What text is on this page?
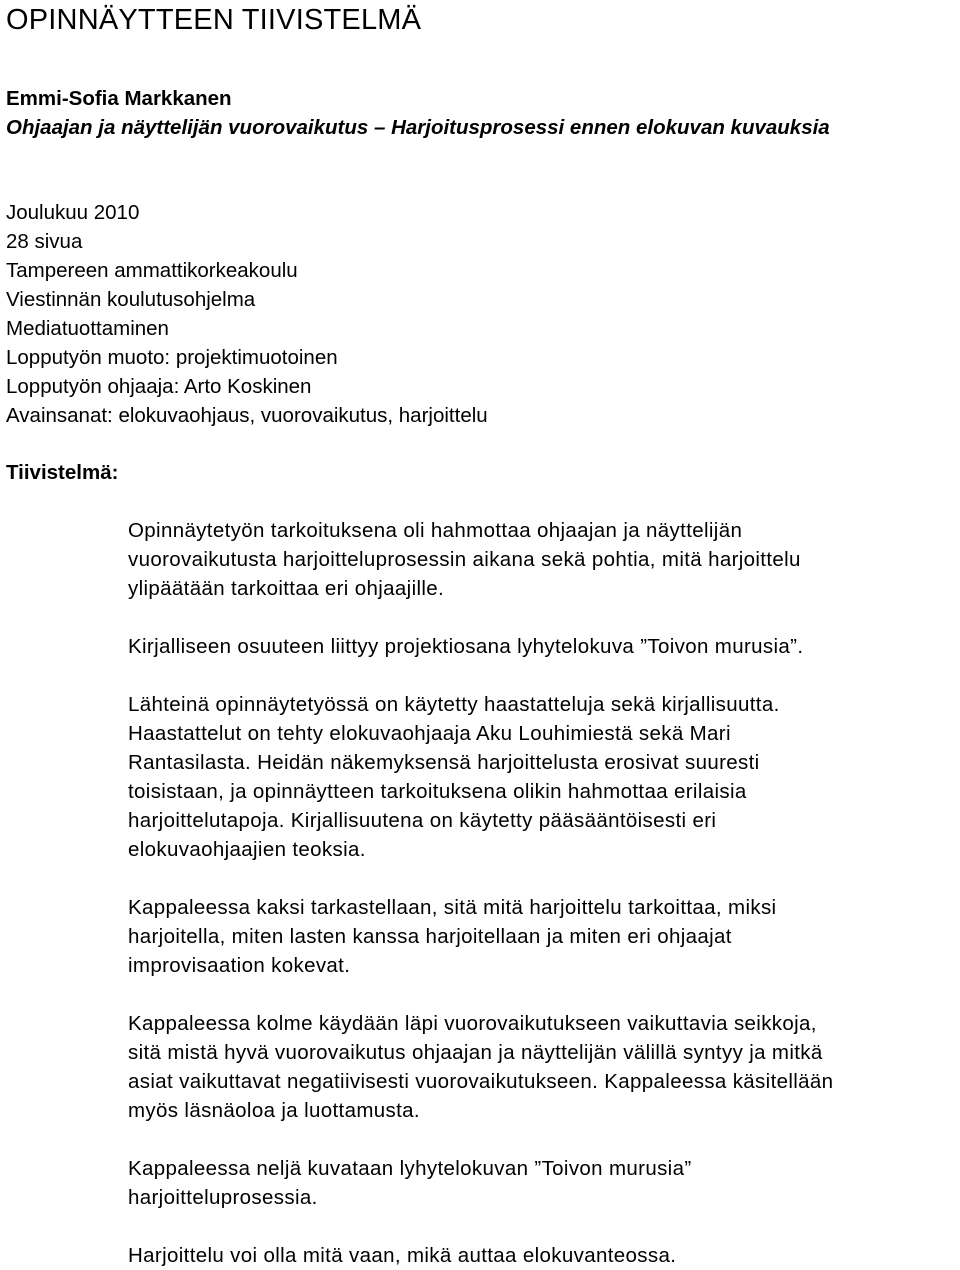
OPINNÄYTTEEN TIIVISTELMÄ
Emmi-Sofia Markkanen
Ohjaajan ja näyttelijän vuorovaikutus – Harjoitusprosessi ennen elokuvan kuvauksia
Joulukuu 2010
28 sivua
Tampereen ammattikorkeakoulu
Viestinnän koulutusohjelma
Mediatuottaminen
Lopputyön muoto: projektimuotoinen
Lopputyön ohjaaja: Arto Koskinen
Avainsanat: elokuvaohjaus, vuorovaikutus, harjoittelu
Tiivistelmä:

Opinnäytetyön tarkoituksena oli hahmottaa ohjaajan ja näyttelijän

vuorovaikutusta harjoitteluprosessin aikana sekä pohtia, mitä harjoittelu

ylipäätään tarkoittaa eri ohjaajille.

Kirjalliseen osuuteen liittyy projektiosana lyhytelokuva ”Toivon murusia”.

Lähteinä opinnäytetyössä on käytetty haastatteluja sekä kirjallisuutta.

Haastattelut on tehty elokuvaohjaaja Aku Louhimiestä sekä Mari

Rantasilasta. Heidän näkemyksensä harjoittelusta erosivat suuresti

toisistaan, ja opinnäytteen tarkoituksena olikin hahmottaa erilaisia

harjoittelutapoja. Kirjallisuutena on käytetty pääsääntöisesti eri

elokuvaohjaajien teoksia.

Kappaleessa kaksi tarkastellaan, sitä mitä harjoittelu tarkoittaa, miksi

harjoitella, miten lasten kanssa harjoitellaan ja miten eri ohjaajat

improvisaation kokevat.

Kappaleessa kolme käydään läpi vuorovaikutukseen vaikuttavia seikkoja,

sitä mistä hyvä vuorovaikutus ohjaajan ja näyttelijän välillä syntyy ja mitkä

asiat vaikuttavat negatiivisesti vuorovaikutukseen. Kappaleessa käsitellään

myös läsnäoloa ja luottamusta.

Kappaleessa neljä kuvataan lyhytelokuvan ”Toivon murusia”

harjoitteluprosessia.

Harjoittelu voi olla mitä vaan, mikä auttaa elokuvanteossa.
